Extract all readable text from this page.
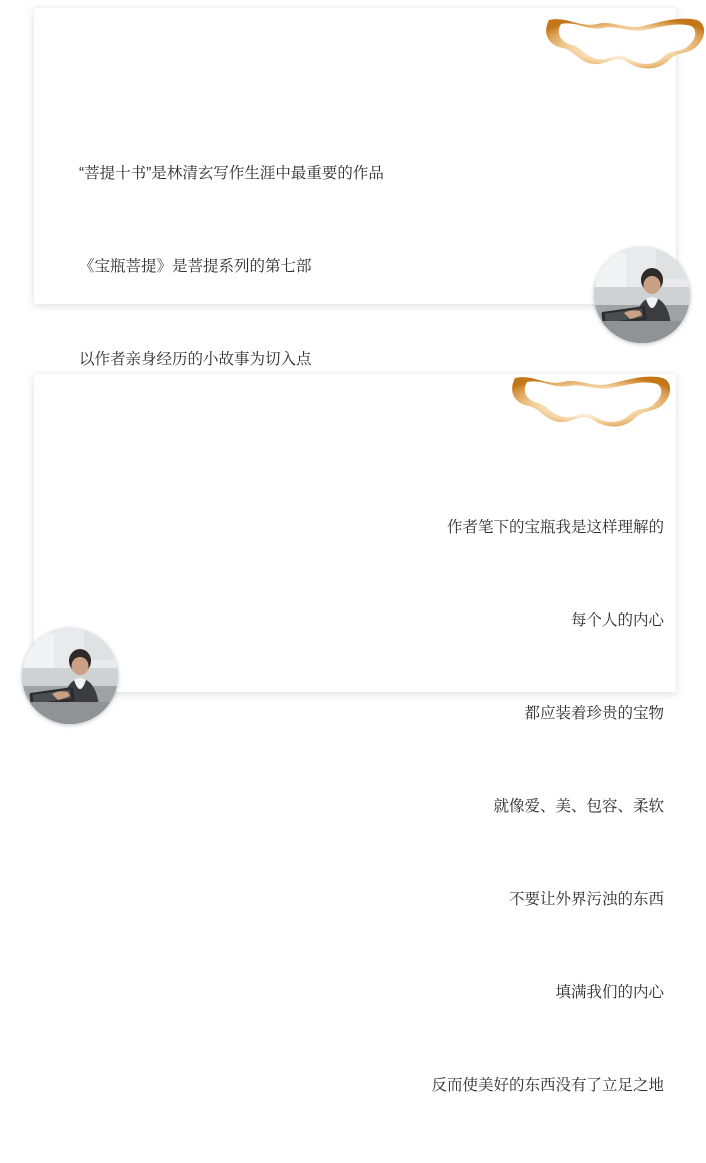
“菩提十书”是林清玄写作生涯中最重要的作品

《宝瓶菩提》是菩提系列的第七部

以作者亲身经历的小故事为切入点

作者笔下的宝瓶我是这样理解的

每个人的内心

都应装着珍贵的宝物

就像爱、美、包容、柔软

不要让外界污浊的东西

填满我们的内心

反而使美好的东西没有了立足之地
